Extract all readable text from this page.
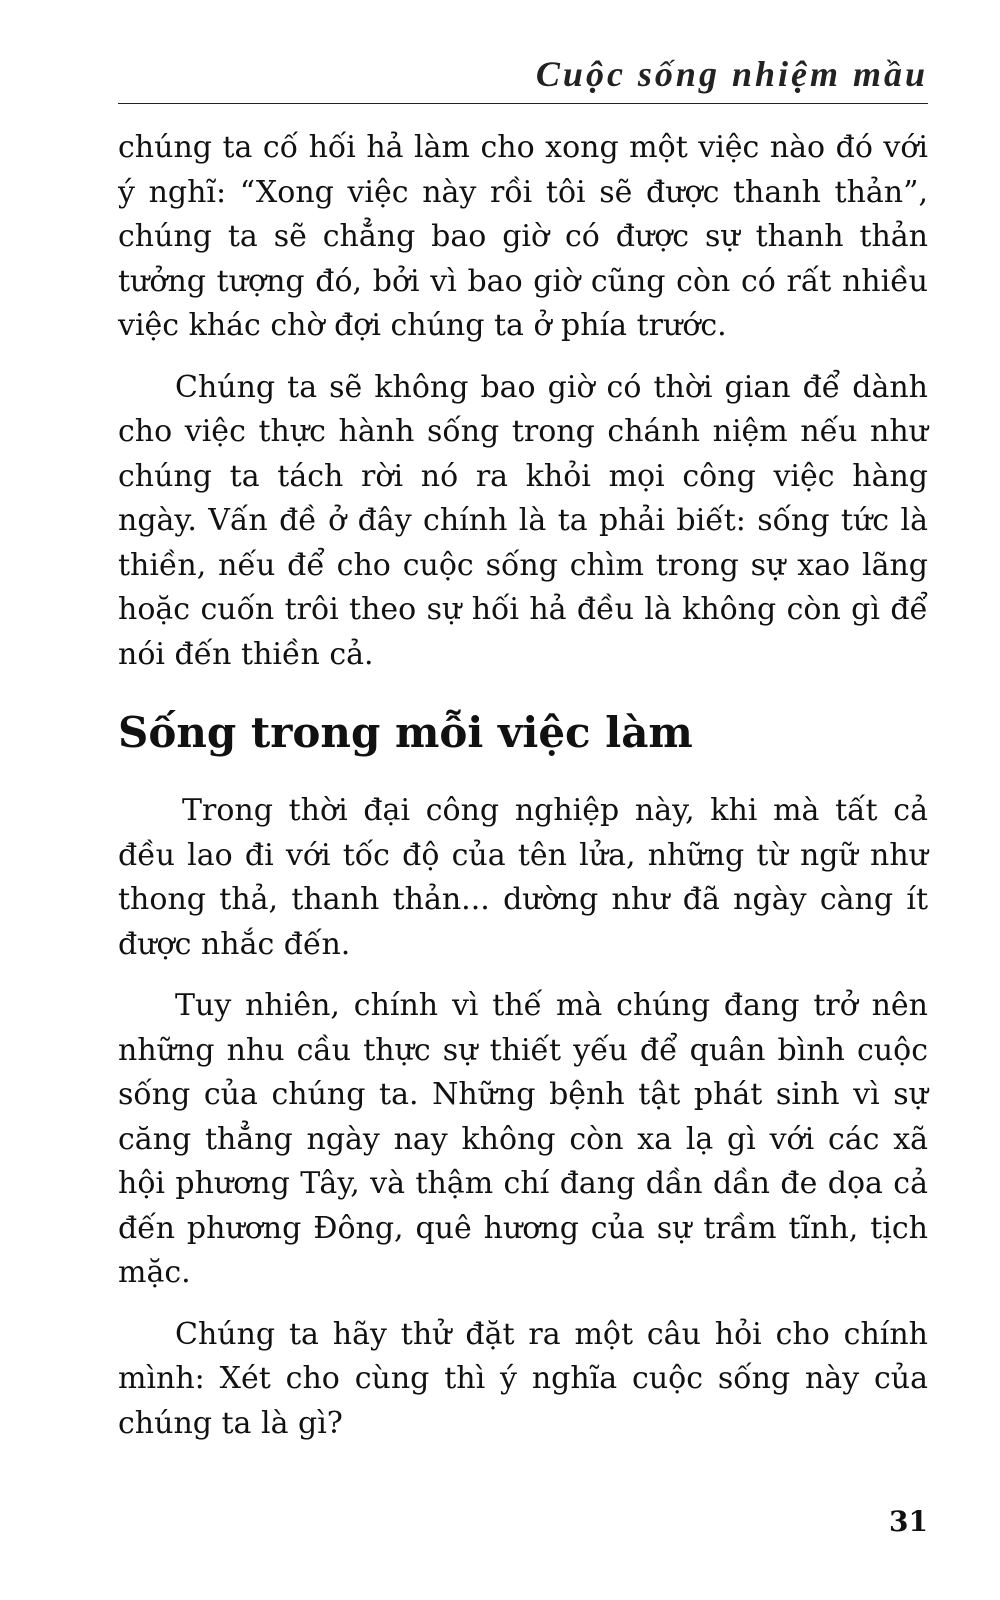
Cuộc sống nhiệm mầu

chúng ta cố hối hả làm cho xong một việc nào đó với ý nghĩ: “Xong việc này rồi tôi sẽ được thanh thản”, chúng ta sẽ chẳng bao giờ có được sự thanh thản tưởng tượng đó, bởi vì bao giờ cũng còn có rất nhiều việc khác chờ đợi chúng ta ở phía trước.

Chúng ta sẽ không bao giờ có thời gian để dành cho việc thực hành sống trong chánh niệm nếu như chúng ta tách rời nó ra khỏi mọi công việc hàng ngày. Vấn đề ở đây chính là ta phải biết: sống tức là thiền, nếu để cho cuộc sống chìm trong sự xao lãng hoặc cuốn trôi theo sự hối hả đều là không còn gì để nói đến thiền cả.

Sống trong mỗi việc làm

Trong thời đại công nghiệp này, khi mà tất cả đều lao đi với tốc độ của tên lửa, những từ ngữ như thong thả, thanh thản... dường như đã ngày càng ít được nhắc đến.

Tuy nhiên, chính vì thế mà chúng đang trở nên những nhu cầu thực sự thiết yếu để quân bình cuộc sống của chúng ta. Những bệnh tật phát sinh vì sự căng thẳng ngày nay không còn xa lạ gì với các xã hội phương Tây, và thậm chí đang dần dần đe dọa cả đến phương Đông, quê hương của sự trầm tĩnh, tịch mặc.

Chúng ta hãy thử đặt ra một câu hỏi cho chính mình: Xét cho cùng thì ý nghĩa cuộc sống này của chúng ta là gì?

31
